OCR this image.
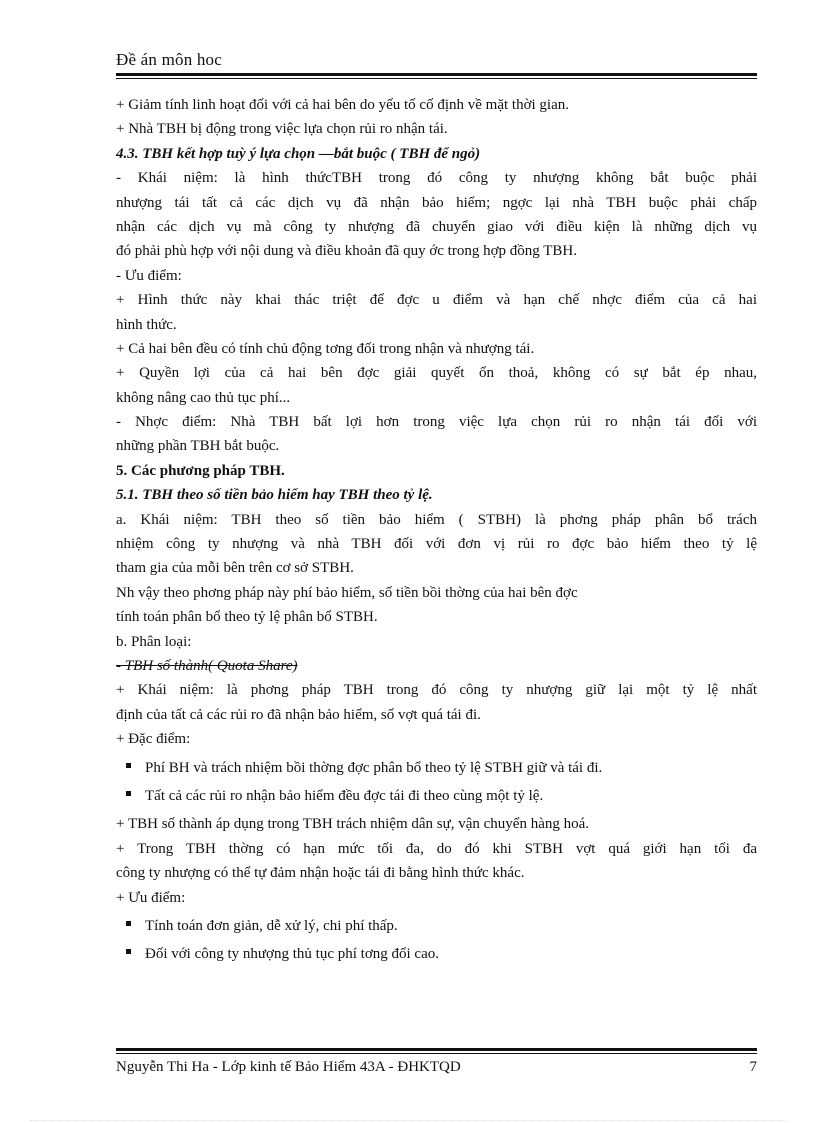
Đề án môn hoc
+ Giảm tính linh hoạt đối với cả hai bên do yếu tố cố định về mặt thời gian.
+ Nhà TBH bị động trong việc lựa chọn rủi ro nhận tái.
4.3. TBH kết hợp tuỳ ý lựa chọn —bắt buộc ( TBH để ngỏ)
- Khái niệm: là hình thứcTBH trong đó công ty nhượng không bắt buộc phải
nhượng tái tất cả các dịch vụ đã nhận bảo hiểm; ngợc lại nhà TBH buộc phải chấp
nhận các dịch vụ mà công ty nhượng đã chuyển giao với điều kiện là những dịch vụ
đó phải phù hợp với nội dung và điều khoản đã quy ớc trong hợp đồng TBH.
- Ưu điểm:
+ Hình thức này khai thác triệt để đợc u điểm và hạn chế nhợc điểm của cả hai
hình thức.
+ Cả hai bên đều có tính chủ động tơng đối trong nhận và nhượng tái.
+ Quyền lợi của cả hai bên đợc giải quyết ổn thoả, không có sự bắt ép nhau,
không nâng cao thủ tục phí...
- Nhợc điểm: Nhà TBH bất lợi hơn trong việc lựa chọn rủi ro nhận tái đối với
những phần TBH bắt buộc.
5. Các phương pháp TBH.
5.1. TBH theo số tiền bảo hiểm hay TBH theo tỷ lệ.
a. Khái niệm: TBH theo số tiền bảo hiểm ( STBH) là phơng pháp phân bổ trách
nhiệm công ty nhượng và nhà TBH đối với đơn vị rủi ro đợc bảo hiểm theo tỷ lệ
tham gia của mỗi bên trên cơ sở STBH.
Nh vậy theo phơng pháp này phí bảo hiểm, số tiền bồi thờng của hai bên đợc
tính toán phân bổ theo tỷ lệ phân bổ STBH.
b. Phân loại:
- TBH số thành( Quota Share)
+ Khái niệm: là phơng pháp TBH trong đó công ty nhượng giữ lại một tỷ lệ nhất
định của tất cả các rủi ro đã nhận bảo hiểm, số vợt quá tái đi.
+ Đặc điểm:
Phí BH và trách nhiệm bồi thờng đợc phân bổ theo tỷ lệ STBH giữ và tái đi.
Tất cả các rủi ro nhận bảo hiểm đều đợc tái đi theo cùng một tỷ lệ.
+ TBH số thành áp dụng trong TBH trách nhiệm dân sự, vận chuyển hàng hoá.
+ Trong TBH thờng có hạn mức tối đa, do đó khi STBH vợt quá giới hạn tối đa
công ty nhượng có thể tự đảm nhận hoặc tái đi bằng hình thức khác.
+ Ưu điểm:
Tính toán đơn giản, dễ xử lý, chi phí thấp.
Đối với công ty nhượng thủ tục phí tơng đối cao.
Nguyễn Thi Ha - Lớp kinh tế Bảo Hiểm 43A - ĐHKTQD	7
